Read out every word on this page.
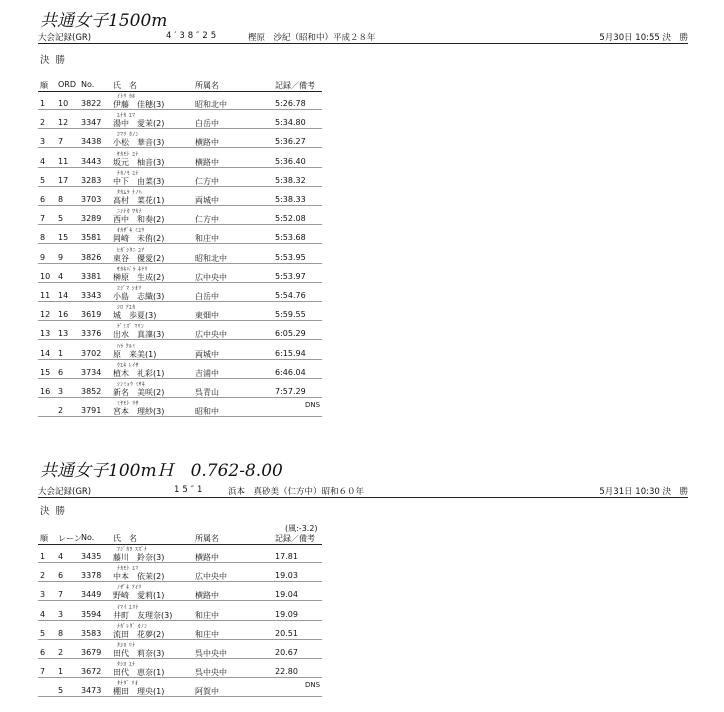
共通女子1500m
大会記録(GR)	4′38″25	樫原　沙紀（昭和中）平成２８年	5月30日 10:55 決　勝
決勝
順 ORD No. 氏　名	所属名	記録／備考
ｲﾄｳ ｶﾎ
1 10 3822 伊藤　佳穂(3)	昭和北中	5:26.78
ﾕﾅｶ ｴﾏ
2 12 3347 湯中　愛茉(2)	白岳中	5:34.80
ｺﾏﾂ ｶﾉﾝ
3 7 3438 小松　華音(3)	横路中	5:36.27
ｻｶﾓﾄ ﾕﾅ
4 11 3443 坂元　柚音(3)	横路中	5:36.40
ﾅｶﾉﾓ ﾕﾅ
5 17 3283 中下　由菜(3)	仁方中	5:38.32
ﾀｶﾑﾗ ﾅﾉﾊ
6 8 3703 高村　菜花(1)	両城中	5:38.33
ﾆｼﾅｶ ﾜｶﾅ
7 5 3289 西中　和奏(2)	仁方中	5:52.08
ｵｶｻﾞｷ ﾐﾕｳ
8 15 3581 岡崎　未侑(2)	和庄中	5:53.68
ﾋｶﾞｼﾀﾆ ﾕｱ
9 9 3826 東谷　優愛(2)	昭和北中	5:53.95
ｻｶｷﾊﾞﾗ ｷﾃﾘ
10 4 3381 榊原　生成(2)	広中央中	5:53.97
ｺｼﾞﾏ ｼｵﾘ
11 14 3343 小島　志織(3)	白岳中	5:54.76
ｼﾛ ｱﾕｶ
12 16 3619 城　歩夏(3)	東畑中	5:59.55
ﾃﾞﾐｽﾞ ﾏﾘﾝ
13 13 3376 出水　真凜(3)	広中央中	6:05.29
ﾊﾗ ｸﾙﾐ
14 1 3702 原　来美(1)	両城中	6:15.94
ｳｴｷ ﾚｲｻ
15 6 3734 植木　礼彩(1)	吉浦中	6:46.04
ｼﾝﾐｮｳ ﾐｻｷ
16 3 3852 新名　美咲(2)	呉青山	7:57.29
ﾐﾔﾓﾄ ﾘｻ
2 3791 宮本　理紗(3)	昭和中
DNS
共通女子100mＨ　0.762-8.00
大会記録(GR)	15″1	浜本　真砂美（仁方中）昭和６０年	5月31日 10:30 決　勝
決勝
(風:-3.2)
順 レーン No. 氏　名	所属名	記録／備考
ﾌｼﾞｶﾜ ｽｽﾞﾅ
1 4 3435 藤川　鈴奈(3)	横路中	17.81
ﾅｶﾓﾄ ｴﾏ
2 6 3378 中本　依茉(2)	広中央中	19.03
ﾉｻﾞｷ ｱｲﾘ
3 7 3449 野崎　愛莉(1)	横路中	19.04
ｲﾏｲ ﾕﾘﾅ
4 3 3594 井町　友理奈(3)	和庄中	19.09
ﾅｶﾞﾚﾀﾞ ｶﾉﾝ
5 8 3583 流田　花夢(2)	和庄中	20.51
ﾀｼﾛ ﾘﾅ
6 2 3679 田代　莉奈(3)	呉中央中	20.67
ﾀｼﾛ ｴﾅ
7 1 3672 田代　恵奈(1)	呉中央中	22.80
ﾀﾅﾀﾞ ﾘｵ
5 3473 棚田　理央(1)	阿賀中
DNS
